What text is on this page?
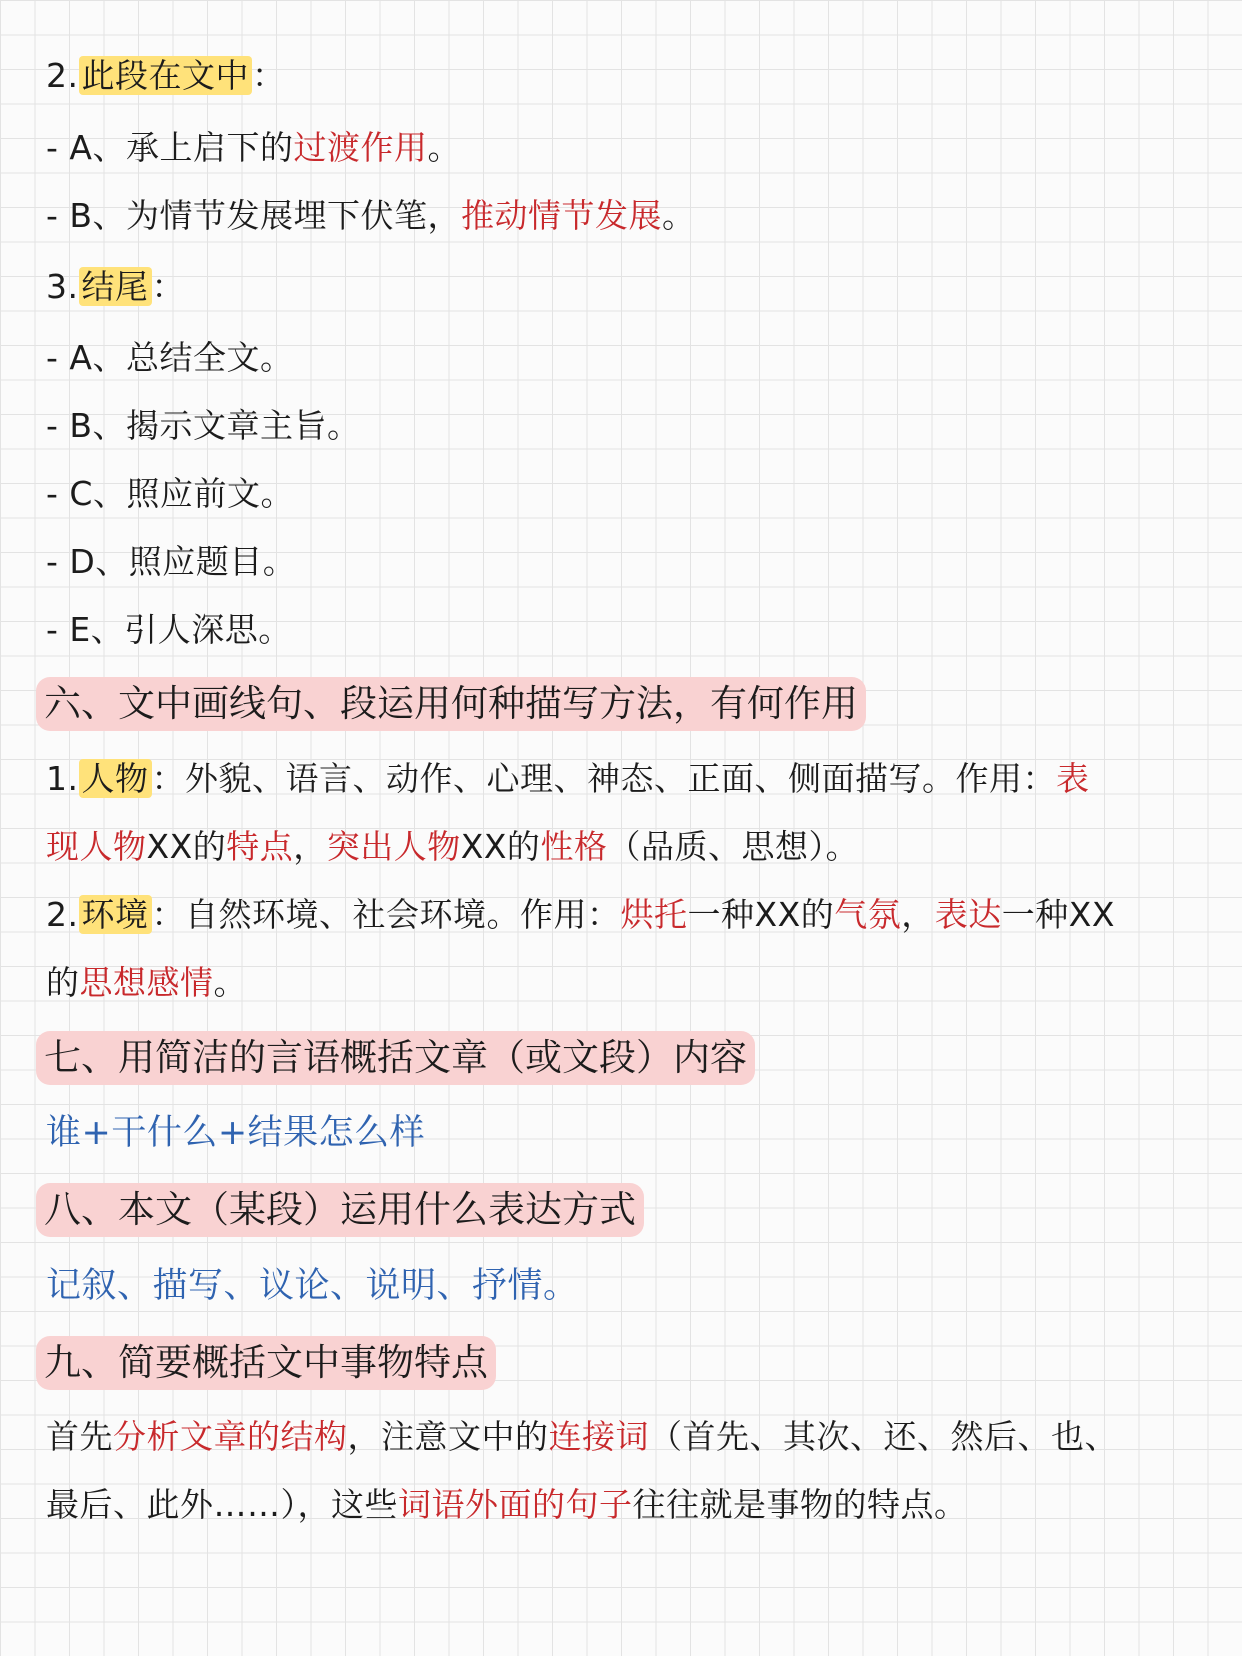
2.此段在文中：
- A、承上启下的过渡作用。
- B、为情节发展埋下伏笔，推动情节发展。
3.结尾：
- A、总结全文。
- B、揭示文章主旨。
- C、照应前文。
- D、照应题目。
- E、引人深思。
六、文中画线句、段运用何种描写方法，有何作用
1.人物：外貌、语言、动作、心理、神态、正面、侧面描写。作用：表
现人物XX的特点，突出人物XX的性格（品质、思想）。
2.环境：自然环境、社会环境。作用：烘托一种XX的气氛，表达一种XX
的思想感情。
七、用简洁的言语概括文章（或文段）内容
谁+干什么+结果怎么样
八、本文（某段）运用什么表达方式
记叙、描写、议论、说明、抒情。
九、简要概括文中事物特点
首先分析文章的结构，注意文中的连接词（首先、其次、还、然后、也、
最后、此外……），这些词语外面的句子往往就是事物的特点。
